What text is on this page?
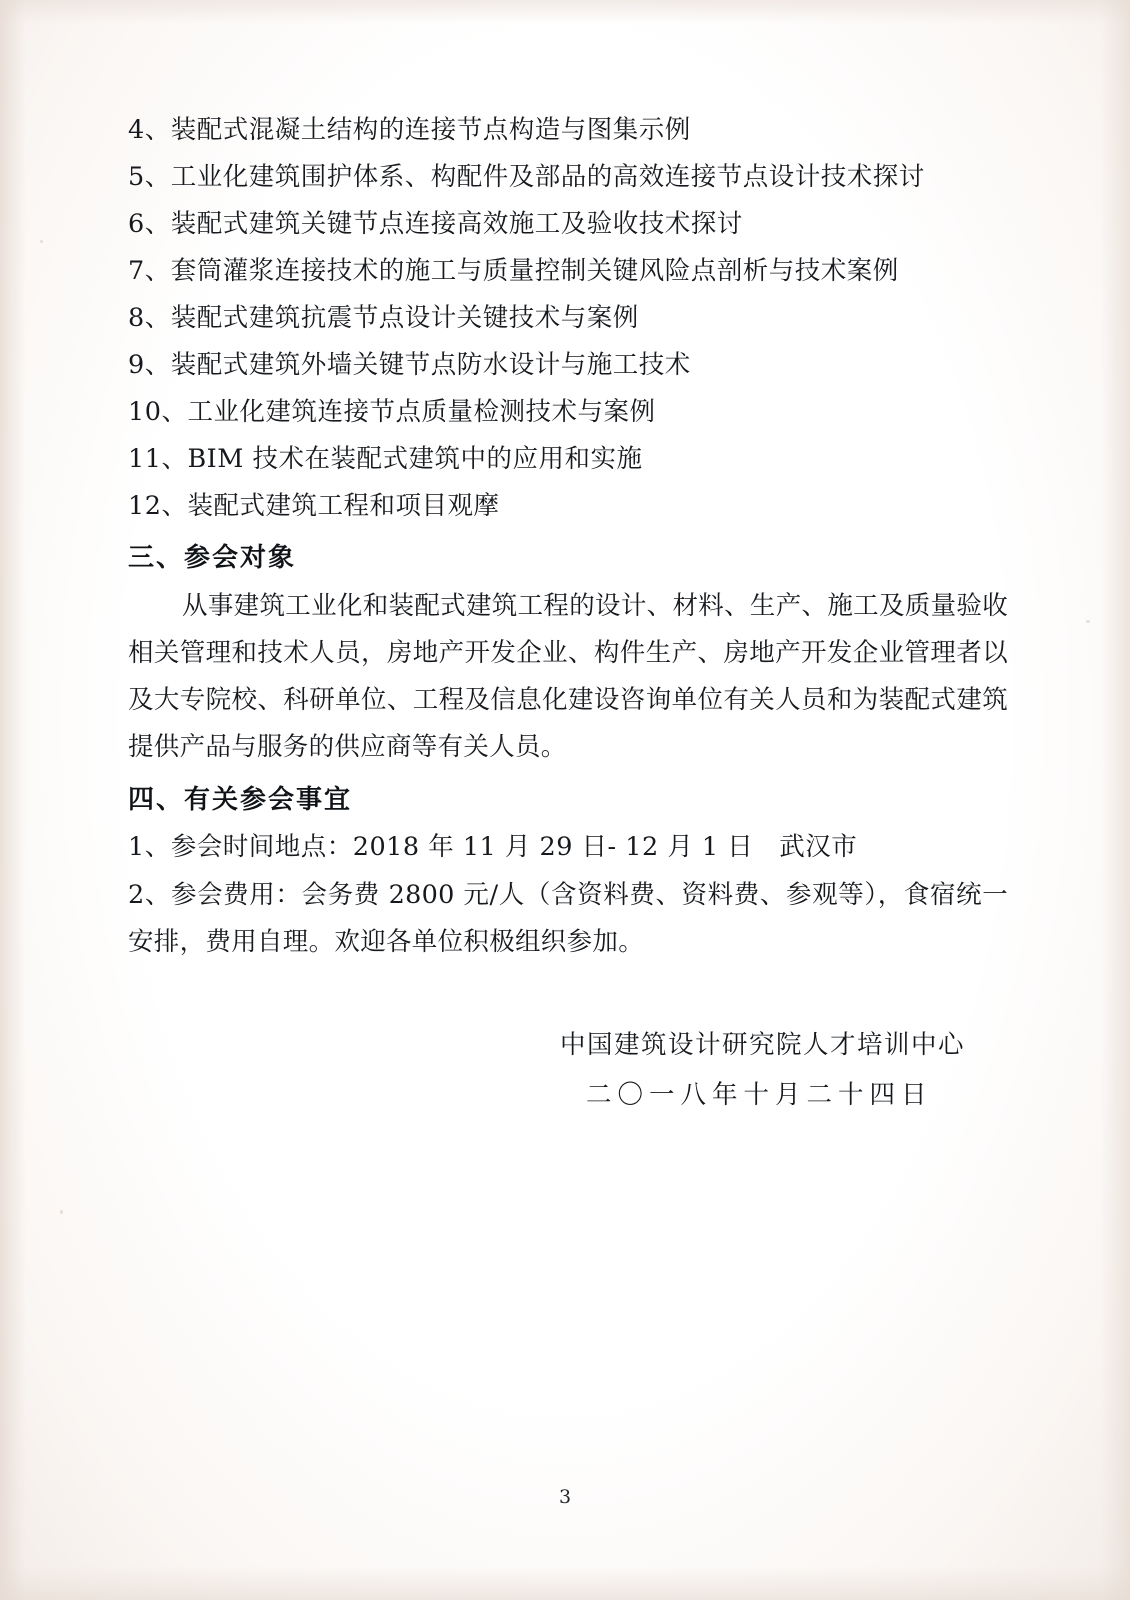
4、装配式混凝土结构的连接节点构造与图集示例
5、工业化建筑围护体系、构配件及部品的高效连接节点设计技术探讨
6、装配式建筑关键节点连接高效施工及验收技术探讨
7、套筒灌浆连接技术的施工与质量控制关键风险点剖析与技术案例
8、装配式建筑抗震节点设计关键技术与案例
9、装配式建筑外墙关键节点防水设计与施工技术
10、工业化建筑连接节点质量检测技术与案例
11、BIM 技术在装配式建筑中的应用和实施
12、装配式建筑工程和项目观摩
三、参会对象
从事建筑工业化和装配式建筑工程的设计、材料、生产、施工及质量验收相关管理和技术人员，房地产开发企业、构件生产、房地产开发企业管理者以及大专院校、科研单位、工程及信息化建设咨询单位有关人员和为装配式建筑提供产品与服务的供应商等有关人员。
四、有关参会事宜
1、参会时间地点：2018 年 11 月 29 日- 12 月 1 日　武汉市
2、参会费用：会务费 2800 元/人（含资料费、资料费、参观等），食宿统一安排，费用自理。欢迎各单位积极组织参加。
中国建筑设计研究院人才培训中心
二〇一八年十月二十四日
3
